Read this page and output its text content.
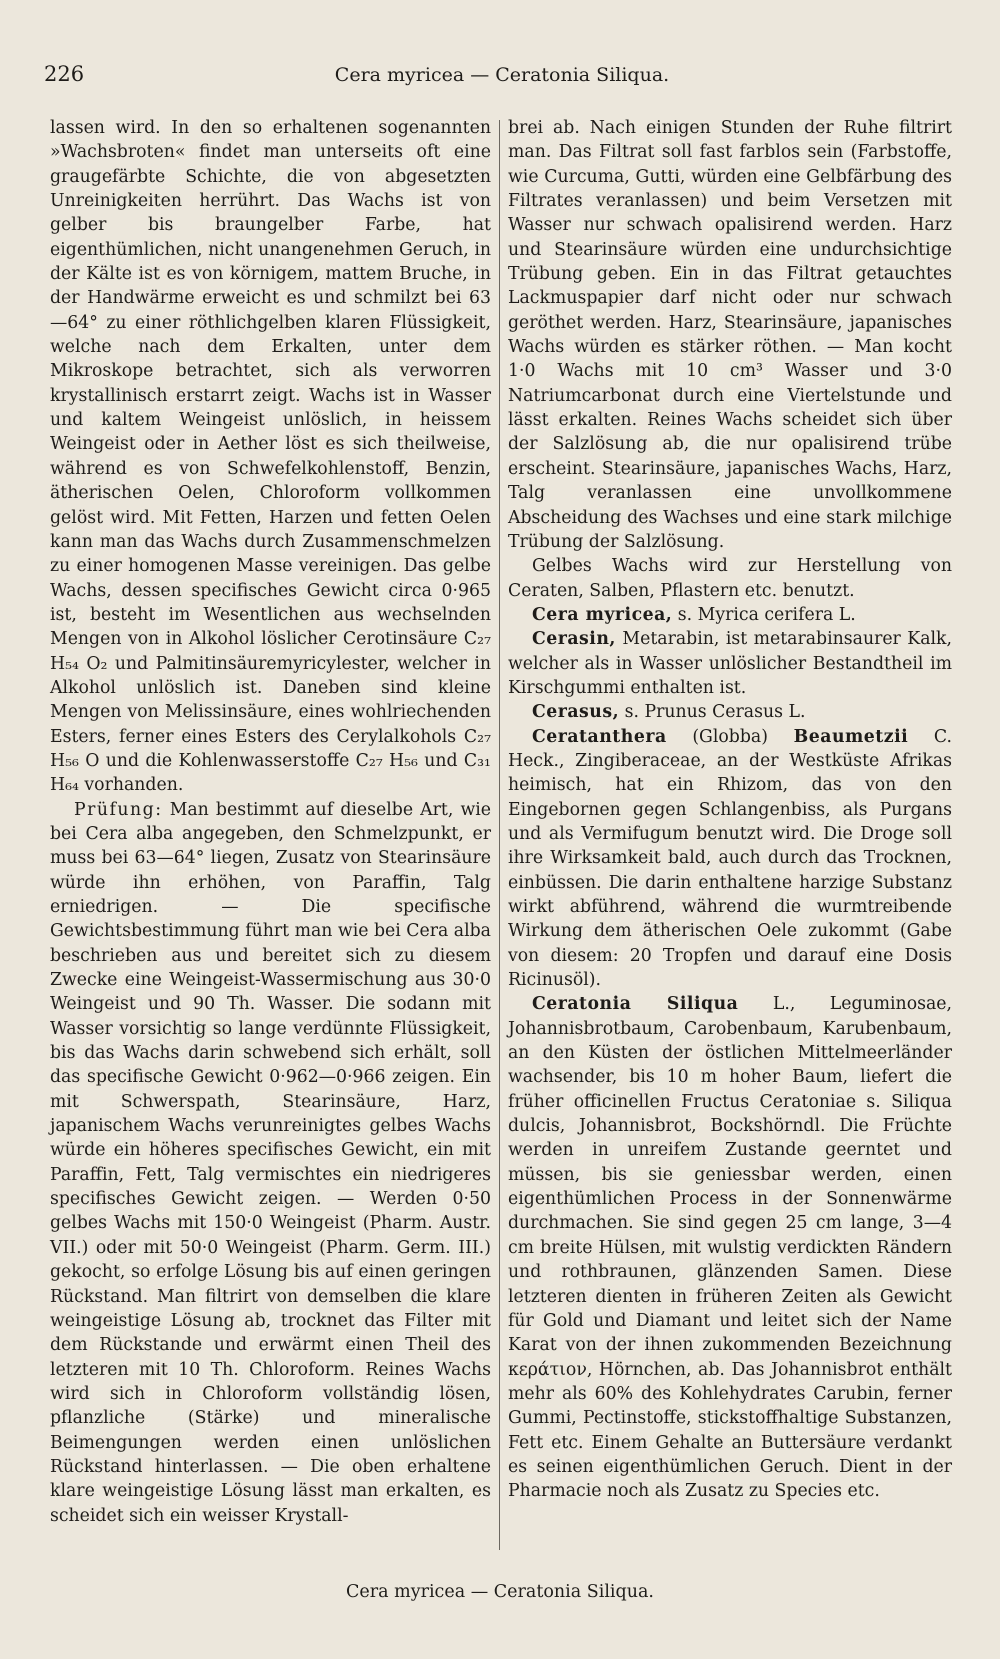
226	Cera myricea — Ceratonia Siliqua.

lassen wird. In den so erhaltenen sogenannten »Wachsbroten« findet man unterseits oft eine graugefärbte Schichte, die von abgesetzten Unreinigkeiten herrührt. Das Wachs ist von gelber bis braungelber Farbe, hat eigenthümlichen, nicht unangenehmen Geruch, in der Kälte ist es von körnigem, mattem Bruche, in der Handwärme erweicht es und schmilzt bei 63—64° zu einer röthlichgelben klaren Flüssigkeit, welche nach dem Erkalten, unter dem Mikroskope betrachtet, sich als verworren krystallinisch erstarrt zeigt. Wachs ist in Wasser und kaltem Weingeist unlöslich, in heissem Weingeist oder in Aether löst es sich theilweise, während es von Schwefelkohlenstoff, Benzin, ätherischen Oelen, Chloroform vollkommen gelöst wird. Mit Fetten, Harzen und fetten Oelen kann man das Wachs durch Zusammenschmelzen zu einer homogenen Masse vereinigen. Das gelbe Wachs, dessen specifisches Gewicht circa 0·965 ist, besteht im Wesentlichen aus wechselnden Mengen von in Alkohol löslicher Cerotinsäure C₂₇ H₅₄ O₂ und Palmitinsäuremyricylester, welcher in Alkohol unlöslich ist. Daneben sind kleine Mengen von Melissinsäure, eines wohlriechenden Esters, ferner eines Esters des Cerylalkohols C₂₇ H₅₆ O und die Kohlenwasserstoffe C₂₇ H₅₆ und C₃₁ H₆₄ vorhanden.

Prüfung: Man bestimmt auf dieselbe Art, wie bei Cera alba angegeben, den Schmelzpunkt, er muss bei 63—64° liegen, Zusatz von Stearinsäure würde ihn erhöhen, von Paraffin, Talg erniedrigen. — Die specifische Gewichtsbestimmung führt man wie bei Cera alba beschrieben aus und bereitet sich zu diesem Zwecke eine Weingeist-Wassermischung aus 30·0 Weingeist und 90 Th. Wasser. Die sodann mit Wasser vorsichtig so lange verdünnte Flüssigkeit, bis das Wachs darin schwebend sich erhält, soll das specifische Gewicht 0·962—0·966 zeigen. Ein mit Schwerspath, Stearinsäure, Harz, japanischem Wachs verunreinigtes gelbes Wachs würde ein höheres specifisches Gewicht, ein mit Paraffin, Fett, Talg vermischtes ein niedrigeres specifisches Gewicht zeigen. — Werden 0·50 gelbes Wachs mit 150·0 Weingeist (Pharm. Austr. VII.) oder mit 50·0 Weingeist (Pharm. Germ. III.) gekocht, so erfolge Lösung bis auf einen geringen Rückstand. Man filtrirt von demselben die klare weingeistige Lösung ab, trocknet das Filter mit dem Rückstande und erwärmt einen Theil des letzteren mit 10 Th. Chloroform. Reines Wachs wird sich in Chloroform vollständig lösen, pflanzliche (Stärke) und mineralische Beimengungen werden einen unlöslichen Rückstand hinterlassen. — Die oben erhaltene klare weingeistige Lösung lässt man erkalten, es scheidet sich ein weisser Krystall-

brei ab. Nach einigen Stunden der Ruhe filtrirt man. Das Filtrat soll fast farblos sein (Farbstoffe, wie Curcuma, Gutti, würden eine Gelbfärbung des Filtrates veranlassen) und beim Versetzen mit Wasser nur schwach opalisirend werden. Harz und Stearinsäure würden eine undurchsichtige Trübung geben. Ein in das Filtrat getauchtes Lackmuspapier darf nicht oder nur schwach geröthet werden. Harz, Stearinsäure, japanisches Wachs würden es stärker röthen. — Man kocht 1·0 Wachs mit 10 cm³ Wasser und 3·0 Natriumcarbonat durch eine Viertelstunde und lässt erkalten. Reines Wachs scheidet sich über der Salzlösung ab, die nur opalisirend trübe erscheint. Stearinsäure, japanisches Wachs, Harz, Talg veranlassen eine unvollkommene Abscheidung des Wachses und eine stark milchige Trübung der Salzlösung.

Gelbes Wachs wird zur Herstellung von Ceraten, Salben, Pflastern etc. benutzt.

Cera myricea, s. Myrica cerifera L.

Cerasin, Metarabin, ist metarabinsaurer Kalk, welcher als in Wasser unlöslicher Bestandtheil im Kirschgummi enthalten ist.

Cerasus, s. Prunus Cerasus L.

Ceratanthera (Globba) Beaumetzii C. Heck., Zingiberaceae, an der Westküste Afrikas heimisch, hat ein Rhizom, das von den Eingebornen gegen Schlangenbiss, als Purgans und als Vermifugum benutzt wird. Die Droge soll ihre Wirksamkeit bald, auch durch das Trocknen, einbüssen. Die darin enthaltene harzige Substanz wirkt abführend, während die wurmtreibende Wirkung dem ätherischen Oele zukommt (Gabe von diesem: 20 Tropfen und darauf eine Dosis Ricinusöl).

Ceratonia Siliqua L., Leguminosae, Johannisbrotbaum, Carobenbaum, Karubenbaum, an den Küsten der östlichen Mittelmeerländer wachsender, bis 10 m hoher Baum, liefert die früher officinellen Fructus Ceratoniae s. Siliqua dulcis, Johannisbrot, Bockshörndl. Die Früchte werden in unreifem Zustande geerntet und müssen, bis sie geniessbar werden, einen eigenthümlichen Process in der Sonnenwärme durchmachen. Sie sind gegen 25 cm lange, 3—4 cm breite Hülsen, mit wulstig verdickten Rändern und rothbraunen, glänzenden Samen. Diese letzteren dienten in früheren Zeiten als Gewicht für Gold und Diamant und leitet sich der Name Karat von der ihnen zukommenden Bezeichnung κεράτιον, Hörnchen, ab. Das Johannisbrot enthält mehr als 60% des Kohlehydrates Carubin, ferner Gummi, Pectinstoffe, stickstoffhaltige Substanzen, Fett etc. Einem Gehalte an Buttersäure verdankt es seinen eigenthümlichen Geruch. Dient in der Pharmacie noch als Zusatz zu Species etc.

Cera myricea — Ceratonia Siliqua.
